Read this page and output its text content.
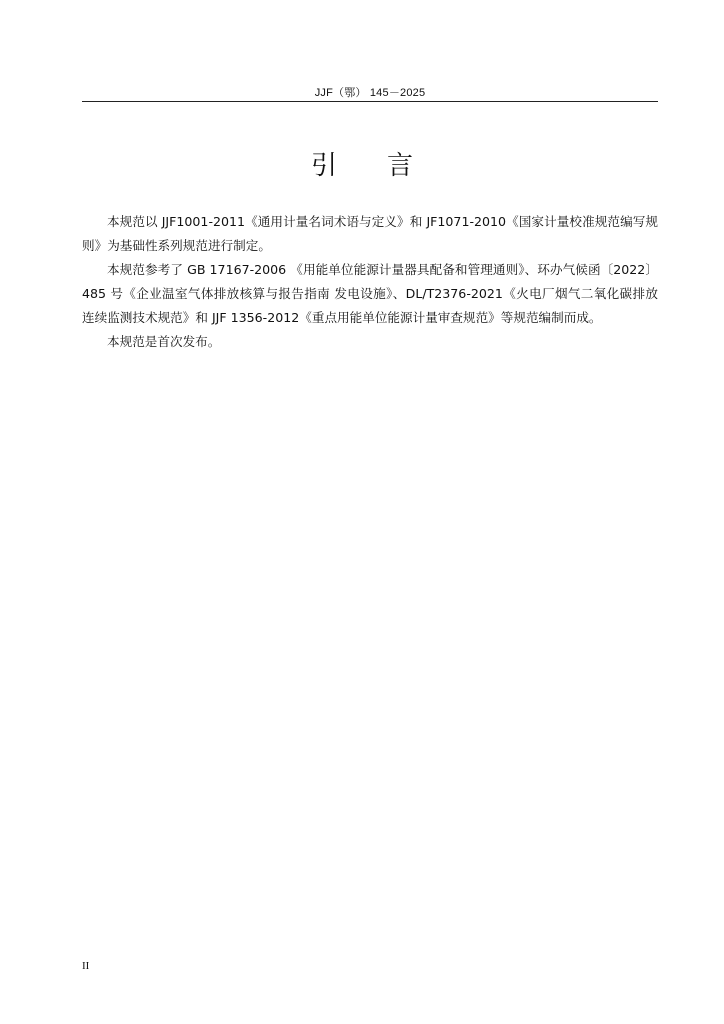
JJF（鄂） 145－2025
引言

本规范以 JJF1001-2011《通用计量名词术语与定义》和 JF1071-2010《国家计量校准规范编写规则》为基础性系列规范进行制定。

本规范参考了 GB 17167-2006 《用能单位能源计量器具配备和管理通则》、环办气候函〔2022〕485 号《企业温室气体排放核算与报告指南 发电设施》、DL/T2376-2021《火电厂烟气二氧化碳排放连续监测技术规范》和 JJF 1356-2012《重点用能单位能源计量审查规范》等规范编制而成。

本规范是首次发布。

II
